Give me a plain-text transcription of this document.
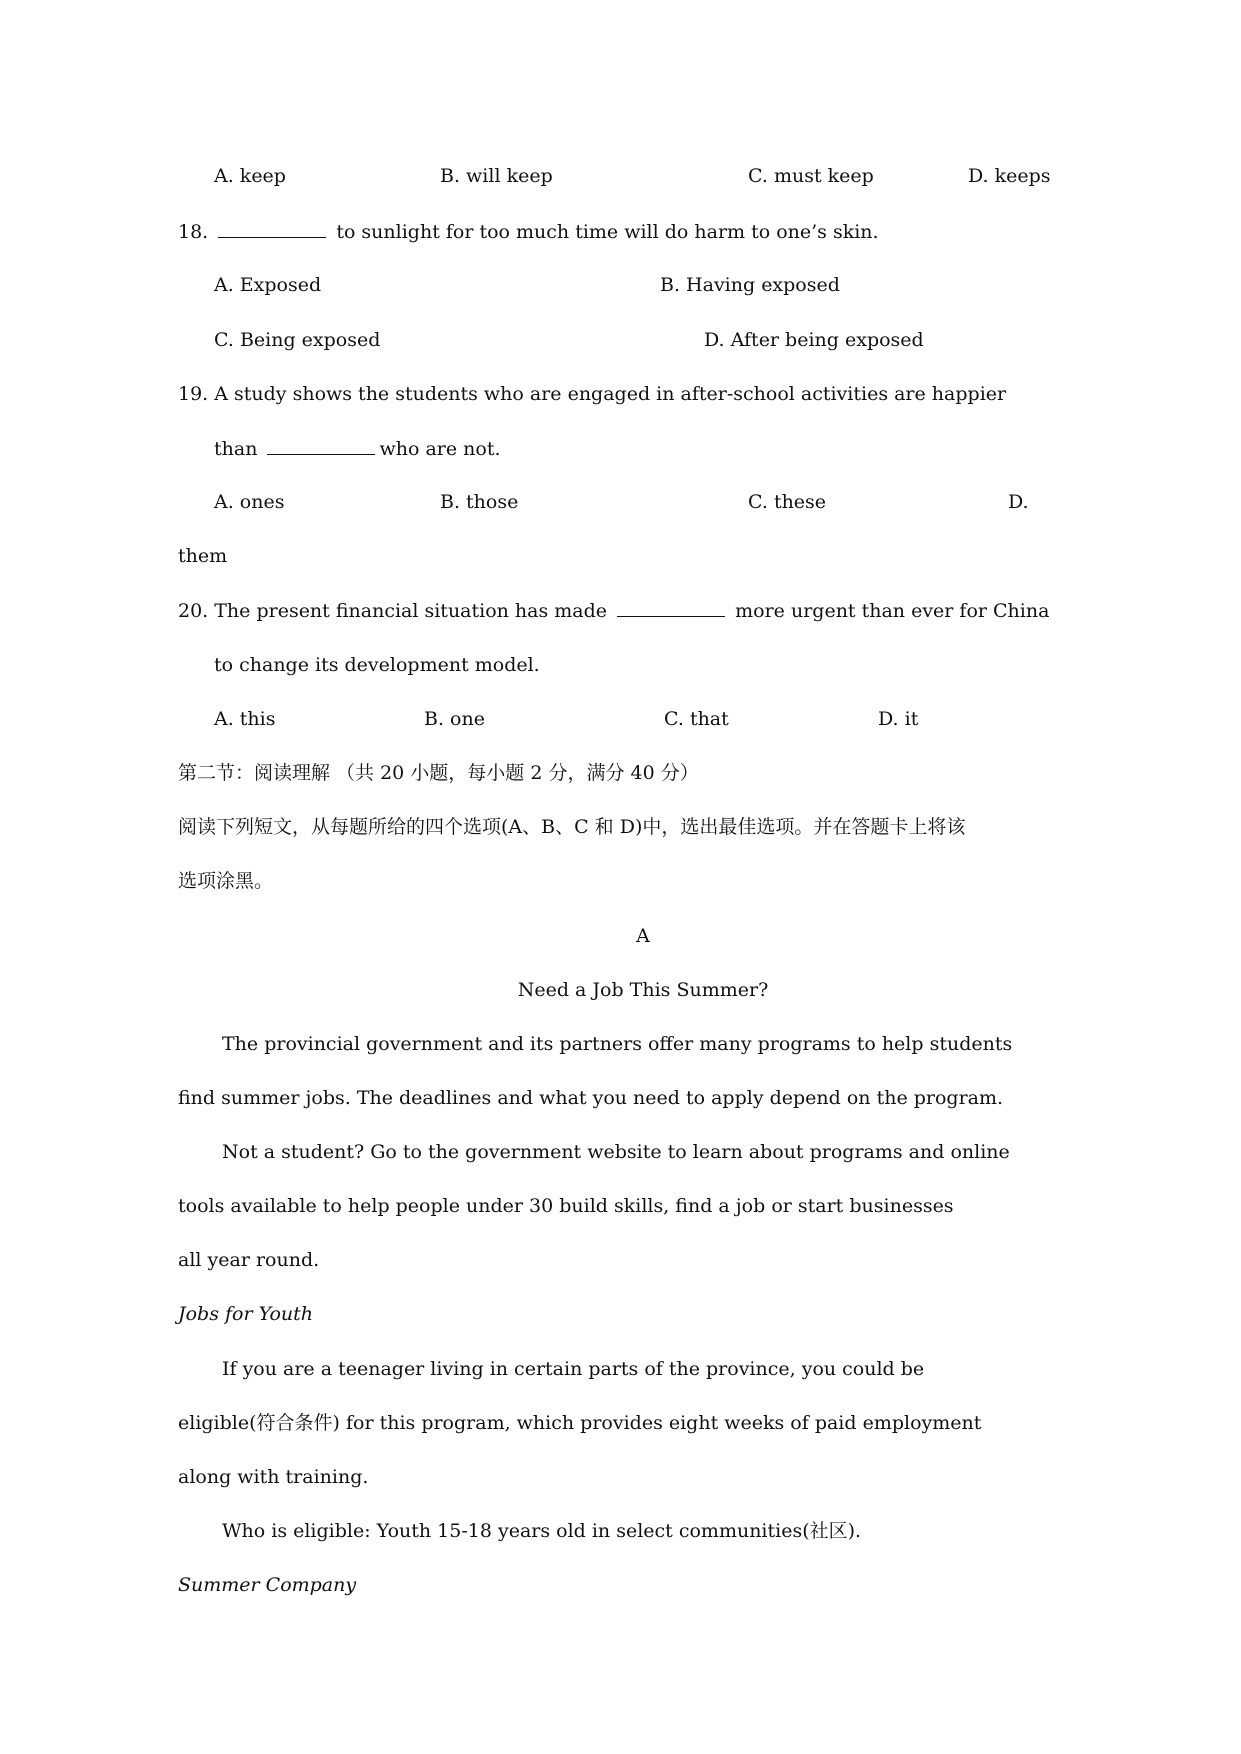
A. keep	B. will keep	C. must keep	D. keeps
18.	to sunlight for too much time will do harm to one’s skin.
A. Exposed	B. Having exposed
C. Being exposed	D. After being exposed
19. A study shows the students who are engaged in after-school activities are happier
than	who are not.
A. ones	B. those	C. these	D.
them
20. The present financial situation has made	more urgent than ever for China
to change its development model.
A. this	B. one	C. that	D. it
第二节：阅读理解 （共 20 小题，每小题 2 分，满分 40 分）
阅读下列短文，从每题所给的四个选项(A、B、C 和 D)中，选出最佳选项。并在答题卡上将该
选项涂黑。
A
Need a Job This Summer?
The provincial government and its partners offer many programs to help students
find summer jobs. The deadlines and what you need to apply depend on the program.
Not a student? Go to the government website to learn about programs and online
tools available to help people under 30 build skills, find a job or start businesses
all year round.
Jobs for Youth
If you are a teenager living in certain parts of the province, you could be
eligible(符合条件) for this program, which provides eight weeks of paid employment
along with training.
Who is eligible: Youth 15-18 years old in select communities(社区).
Summer Company
